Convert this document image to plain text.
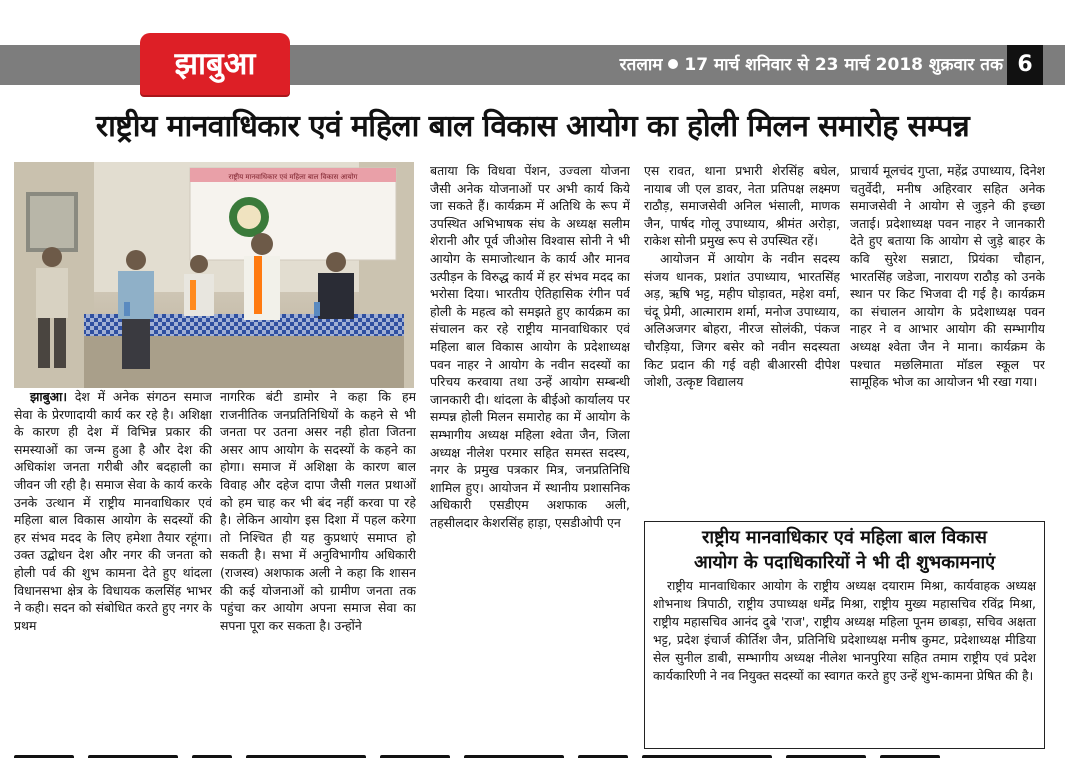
झाबुआ	रतलाम 17 मार्च शनिवार से 23 मार्च 2018 शुक्रवार तक 6
राष्ट्रीय मानवाधिकार एवं महिला बाल विकास आयोग का होली मिलन समारोह सम्पन्न
राष्ट्रीय मानवाधिकार एवं महिला बाल विकास आयोग

झाबुआ। देश में अनेक संगठन समाज सेवा के प्रेरणादायी कार्य कर रहे है। अशिक्षा के कारण ही देश में विभिन्न प्रकार की समस्याओं का जन्म हुआ है और देश की अधिकांश जनता गरीबी और बदहाली का जीवन जी रही है। समाज सेवा के कार्य करके उनके उत्थान में राष्ट्रीय मानवाधिकार एवं महिला बाल विकास आयोग के सदस्यों की हर संभव मदद के लिए हमेशा तैयार रहूंगा। उक्त उद्बोधन देश और नगर की जनता को होली पर्व की शुभ कामना देते हुए थांदला विधानसभा क्षेत्र के विधायक कलसिंह भाभर ने कही। सदन को संबोधित करते हुए नगर के प्रथम

नागरिक बंटी डामोर ने कहा कि हम राजनीतिक जनप्रतिनिधियों के कहने से भी जनता पर उतना असर नही होता जितना असर आप आयोग के सदस्यों के कहने का होगा। समाज में अशिक्षा के कारण बाल विवाह और दहेज दापा जैसी गलत प्रथाओं को हम चाह कर भी बंद नहीं करवा पा रहे है। लेकिन आयोग इस दिशा में पहल करेगा तो निश्चित ही यह कुप्रथाएं समाप्त हो सकती है। सभा में अनुविभागीय अधिकारी (राजस्व) अशफाक अली ने कहा कि शासन की कई योजनाओं को ग्रामीण जनता तक पहुंचा कर आयोग अपना समाज सेवा का सपना पूरा कर सकता है। उन्होंने

बताया कि विधवा पेंशन, उज्वला योजना जैसी अनेक योजनाओं पर अभी कार्य किये जा सकते हैं। कार्यक्रम में अतिथि के रूप में उपस्थित अभिभाषक संघ के अध्यक्ष सलीम शेरानी और पूर्व जीओस विश्वास सोनी ने भी आयोग के समाजोत्थान के कार्य और मानव उत्पीड़न के विरुद्ध कार्य में हर संभव मदद का भरोसा दिया। भारतीय ऐतिहासिक रंगीन पर्व होली के महत्व को समझते हुए कार्यक्रम का संचालन कर रहे राष्ट्रीय मानवाधिकार एवं महिला बाल विकास आयोग के प्रदेशाध्यक्ष पवन नाहर ने आयोग के नवीन सदस्यों का परिचय करवाया तथा उन्हें आयोग सम्बन्धी जानकारी दी। थांदला के बीईओ कार्यालय पर सम्पन्न होली मिलन समारोह का में आयोग के सम्भागीय अध्यक्ष महिला श्वेता जैन, जिला अध्यक्ष नीलेश परमार सहित समस्त सदस्य, नगर के प्रमुख पत्रकार मित्र, जनप्रतिनिधि शामिल हुए। आयोजन में स्थानीय प्रशासनिक अधिकारी एसडीएम अशफाक अली, तहसीलदार केशरसिंह हाड़ा, एसडीओपी एन

एस रावत, थाना प्रभारी शेरसिंह बघेल, नायाब जी एल डावर, नेता प्रतिपक्ष लक्ष्मण राठौड़, समाजसेवी अनिल भंसाली, माणक जैन, पार्षद गोलू उपाध्याय, श्रीमंत अरोड़ा, राकेश सोनी प्रमुख रूप से उपस्थित रहें।

आयोजन में आयोग के नवीन सदस्य संजय धानक, प्रशांत उपाध्याय, भारतसिंह अड़, ऋषि भट्ट, महीप घोड़ावत, महेश वर्मा, चंदू प्रेमी, आत्माराम शर्मा, मनोज उपाध्याय, अलिअजगर बोहरा, नीरज सोलंकी, पंकज चौरड़िया, जिगर बसेर को नवीन सदस्यता किट प्रदान की गई वही बीआरसी दीपेश जोशी, उत्कृष्ट विद्यालय

प्राचार्य मूलचंद गुप्ता, महेंद्र उपाध्याय, दिनेश चतुर्वेदी, मनीष अहिरवार सहित अनेक समाजसेवी ने आयोग से जुड़ने की इच्छा जताई। प्रदेशाध्यक्ष पवन नाहर ने जानकारी देते हुए बताया कि आयोग से जुड़े बाहर के कवि सुरेश सन्नाटा, प्रियंका चौहान, भारतसिंह जडेजा, नारायण राठौड़ को उनके स्थान पर किट भिजवा दी गई है। कार्यक्रम का संचालन आयोग के प्रदेशाध्यक्ष पवन नाहर ने व आभार आयोग की सम्भागीय अध्यक्ष श्वेता जैन ने माना। कार्यक्रम के पश्चात मछलिमाता मॉडल स्कूल पर सामूहिक भोज का आयोजन भी रखा गया।

राष्ट्रीय मानवाधिकार एवं महिला बाल विकास
आयोग के पदाधिकारियों ने भी दी शुभकामनाएं
राष्ट्रीय मानवाधिकार आयोग के राष्ट्रीय अध्यक्ष दयाराम मिश्रा, कार्यवाहक अध्यक्ष शोभनाथ त्रिपाठी, राष्ट्रीय उपाध्यक्ष धर्मेंद्र मिश्रा, राष्ट्रीय मुख्य महासचिव रविंद्र मिश्रा, राष्ट्रीय महासचिव आनंद दुबे 'राज', राष्ट्रीय अध्यक्ष महिला पूनम छाबड़ा, सचिव अक्षता भट्ट, प्रदेश इंचार्ज कीर्तिश जैन, प्रतिनिधि प्रदेशाध्यक्ष मनीष कुमट, प्रदेशाध्यक्ष मीडिया सेल सुनील डाबी, सम्भागीय अध्यक्ष नीलेश भानपुरिया सहित तमाम राष्ट्रीय एवं प्रदेश कार्यकारिणी ने नव नियुक्त सदस्यों का स्वागत करते हुए उन्हें शुभ-कामना प्रेषित की है।
